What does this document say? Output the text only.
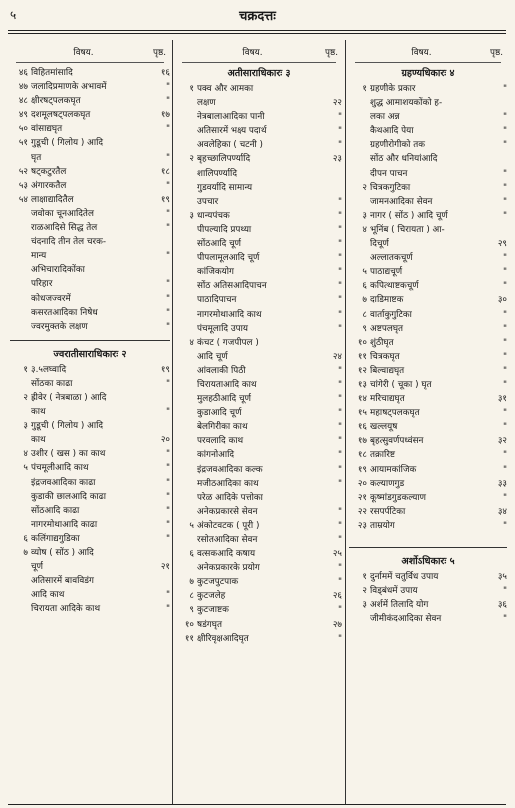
५	चक्रदत्तः
विषय.	पृष्ठ.
४६ विहितमांसादि	१६
४७ जलादिप्रमाणके अभावमें	"
४८ क्षीरषट्पलकघृत	"
४९ दशमूलषट्पलकघृत	१७
५० वांसाद्यघृत	"
५१ गुडूची ( गिलोय ) आदि
घृत	"
५२ षट्कटुरतैल	१८
५३ अंगारकतैल	"
५४ लाक्षाद्यादितैल	१९
जवोका चूनआदितेल	"
राळआदिसे सिद्ध तेल	"
चंदनादि तीन तेल चरक-
मान्य	"
अभिचारादिकोंका
परिहार	"
कोधजज्वरमें	"
कसरतआदिका निषेध	"
ज्वरमुक्तके लक्षण	"
ज्वरातीसाराधिकारः २
१ ३.५लघ्वादि	१९
सोंठका काढा	"
२ ह्रीवेर ( नेत्रबाळा ) आदि
काथ	"
३ गुडूची ( गिलोय ) आदि
काथ	२०
४ उशीर ( खस ) का काथ	"
५ पंचमूलीआदि काथ	"
इंद्रजवआदिका काढा	"
कुडाकी छालआदि काढा	"
सोंठआदि काढा	"
नागरमोथाआदि काढा	"
६ कलिंगाद्यगुडिका	"
७ व्योष ( सोंठ ) आदि
चूर्ण	२१
अतिसारमें बावविडंग
आदि काथ	"
चिरायता आदिके काथ	"
विषय.	पृष्ठ.
अतीसाराधिकारः ३
१ पक्व और आमका
लक्षण	२२
नेत्रबालाआदिका पानी	"
अतिसारमें भक्ष्य पदार्थ	"
अवलेहिका ( चटनी )	"
२ बृहच्छालिपर्ण्यादि	२३
शालिपर्ण्यादि
गुडवर्यादि सामान्य
उपचार	"
३ धान्यपंचक	"
पीपल्यादि प्रपथ्या	"
सोंठआदि चूर्ण	"
पीपलामूलआदि चूर्ण	"
कांजिकयोग	"
सोंठ अतिसआदिपाचन	"
पाठादिपाचन	"
नागरमोथाआदि काथ	"
पंचमूलादि उपाय	"
४ कंचट ( गजपीपल )
आदि चूर्ण	२४
आंवलाकी पिठी	"
चिरायताआदि काथ	"
मुलहठीआदि चूर्ण	"
कुडाआदि चूर्ण	"
बेलगिरीका काथ	"
परवलादि काथ	"
कांगनोआदि	"
इंद्रजवआदिका कल्क	"
मजीठआदिका काथ	"
परेळ आदिके पत्तोका
अनेकप्रकारसे सेवन	"
५ अंकोटवटक ( पूरी )	"
रसोतआदिका सेवन	"
६ वत्सकआदि कषाय	२५
अनेकप्रकारके प्रयोग	"
७ कुटजपुटपाक	"
८ कुटजलेह	२६
९ कुटजाष्टक	"
१० षडंगघृत	२७
११ क्षीरिवृक्षआदिघृत	"
विषय.	पृष्ठ.
ग्रहण्यधिकारः ४
१ ग्रहणीके प्रकार	"
शुद्ध आमाशयकोंको ह-
लका अन्न	"
कैथआदि पेया	"
ग्रहणीरोगीको तक	"
सोंठ और धनियांआदि
दीपन पाचन	"
२ चित्रकगुटिका	"
जामनआदिका सेवन	"
३ नागर ( सोंठ ) आदि चूर्ण	"
४ भूनिंब ( चिरायता ) आ-
दिचूर्ण	२९
अल्लातकचूर्ण	"
५ पाठाद्यचूर्ण	"
६ कपित्थाष्टकचूर्ण	"
७ दाडिमाष्टक	३०
८ वार्ताकुगुटिका	"
९ अष्टपलघृत	"
१० शुंठीघृत	"
११ चित्रकघृत	"
१२ बिल्वाद्यघृत	"
१३ चांगेरी ( चूका ) घृत	"
१४ मरिचाद्यघृत	३१
१५ महाषट्पलकघृत	"
१६ खल्लयूष	"
१७ बृहत्सुवर्णपध्वंसन	३२
१८ तक्रारिष्ट	"
१९ आयामकांजिक	"
२० कल्याणगुड	३३
२१ कूष्मांडगुडकल्याण	"
२२ रसपर्पटिका	३४
२३ ताम्रयोग	"
अर्शोऽधिकारः ५
१ दुर्नाममें चतुर्विध उपाय	३५
२ विड्बंधमें उपाय	"
३ अर्शमें तिलादि योग	३६
जीमीकंदआदिका सेवन	"
